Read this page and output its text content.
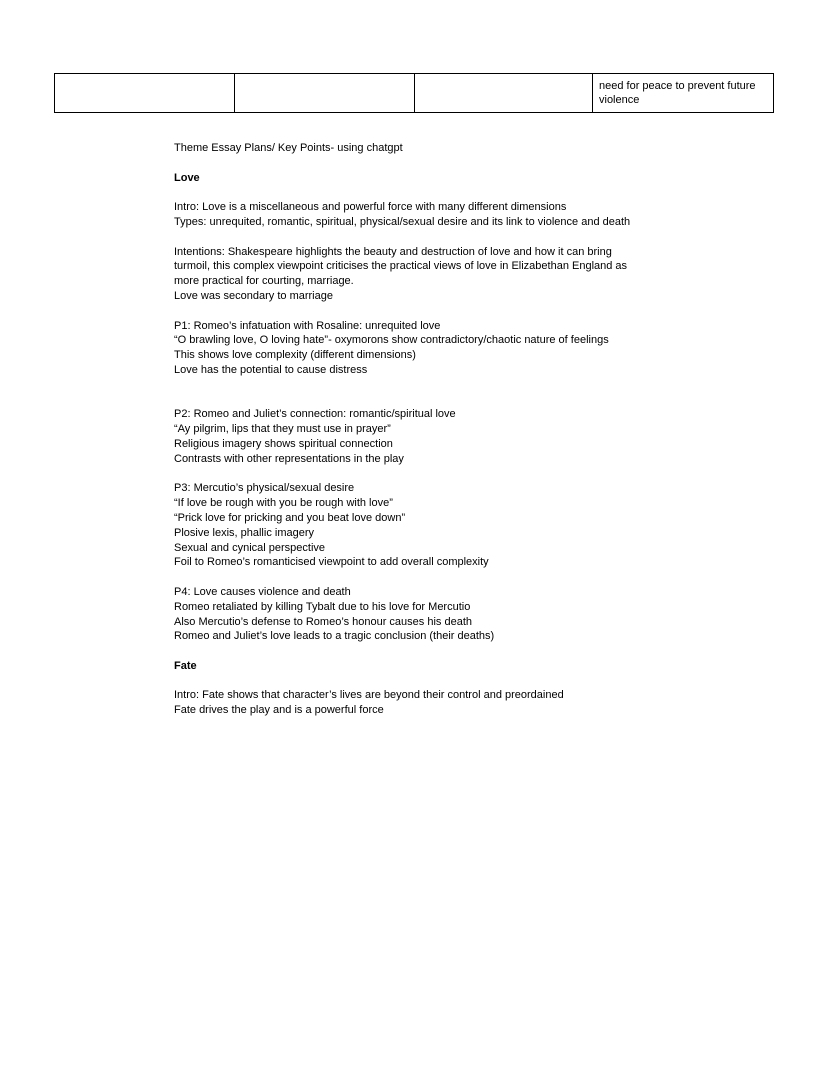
			need for peace to prevent future violence
Theme Essay Plans/ Key Points- using chatgpt
Love
Intro: Love is a miscellaneous and powerful force with many different dimensions
Types: unrequited, romantic, spiritual, physical/sexual desire and its link to violence and death
Intentions: Shakespeare highlights the beauty and destruction of love and how it can bring
turmoil, this complex viewpoint criticises the practical views of love in Elizabethan England as
more practical for courting, marriage.
Love was secondary to marriage
P1: Romeo’s infatuation with Rosaline: unrequited love
“O brawling love, O loving hate”- oxymorons show contradictory/chaotic nature of feelings
This shows love complexity (different dimensions)
Love has the potential to cause distress
P2: Romeo and Juliet’s connection: romantic/spiritual love
“Ay pilgrim, lips that they must use in prayer”
Religious imagery shows spiritual connection
Contrasts with other representations in the play
P3: Mercutio’s physical/sexual desire
“If love be rough with you be rough with love”
“Prick love for pricking and you beat love down”
Plosive lexis, phallic imagery
Sexual and cynical perspective
Foil to Romeo’s romanticised viewpoint to add overall complexity
P4: Love causes violence and death
Romeo retaliated by killing Tybalt due to his love for Mercutio
Also Mercutio’s defense to Romeo’s honour causes his death
Romeo and Juliet’s love leads to a tragic conclusion (their deaths)
Fate
Intro: Fate shows that character’s lives are beyond their control and preordained
Fate drives the play and is a powerful force
